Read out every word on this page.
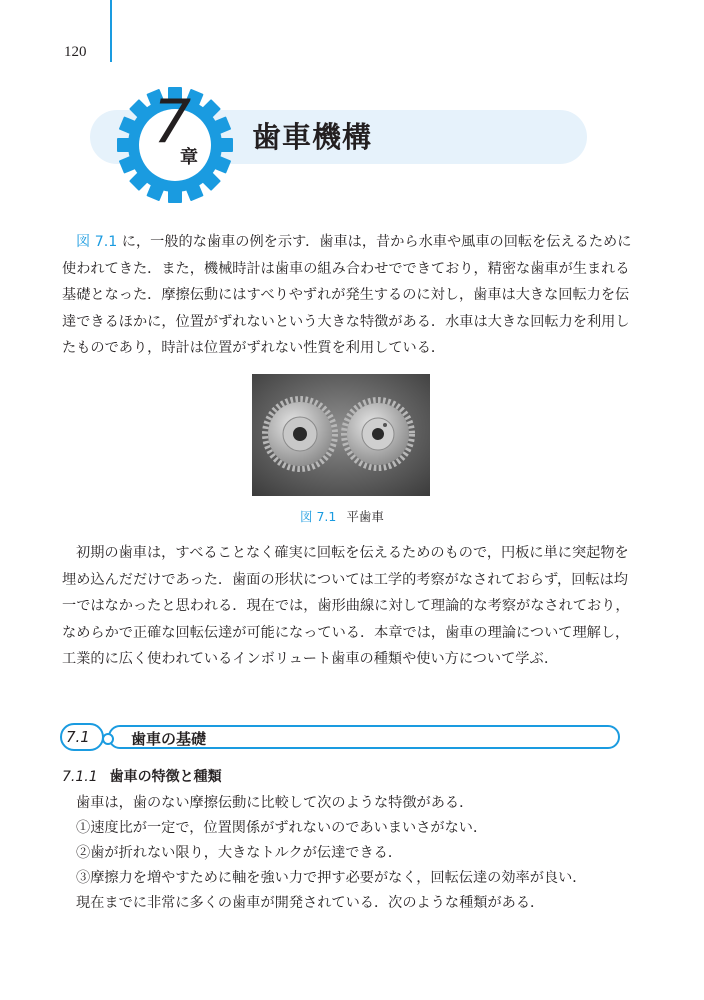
120
歯車機構
7
章

図 7.1 に，一般的な歯車の例を示す．歯車は，昔から水車や風車の回転を伝えるために使われてきた．また，機械時計は歯車の組み合わせでできており，精密な歯車が生まれる基礎となった．摩擦伝動にはすべりやずれが発生するのに対し，歯車は大きな回転力を伝達できるほかに，位置がずれないという大きな特徴がある．水車は大きな回転力を利用したものであり，時計は位置がずれない性質を利用している．

図 7.1 平歯車

初期の歯車は，すべることなく確実に回転を伝えるためのもので，円板に単に突起物を埋め込んだだけであった．歯面の形状については工学的考察がなされておらず，回転は均一ではなかったと思われる．現在では，歯形曲線に対して理論的な考察がなされており，なめらかで正確な回転伝達が可能になっている．本章では，歯車の理論について理解し，工業的に広く使われているインボリュート歯車の種類や使い方について学ぶ．

7.1	歯車の基礎
7.1.1 歯車の特徴と種類
歯車は，歯のない摩擦伝動に比較して次のような特徴がある．
①速度比が一定で，位置関係がずれないのであいまいさがない．
②歯が折れない限り，大きなトルクが伝達できる．
③摩擦力を増やすために軸を強い力で押す必要がなく，回転伝達の効率が良い．
現在までに非常に多くの歯車が開発されている．次のような種類がある．
